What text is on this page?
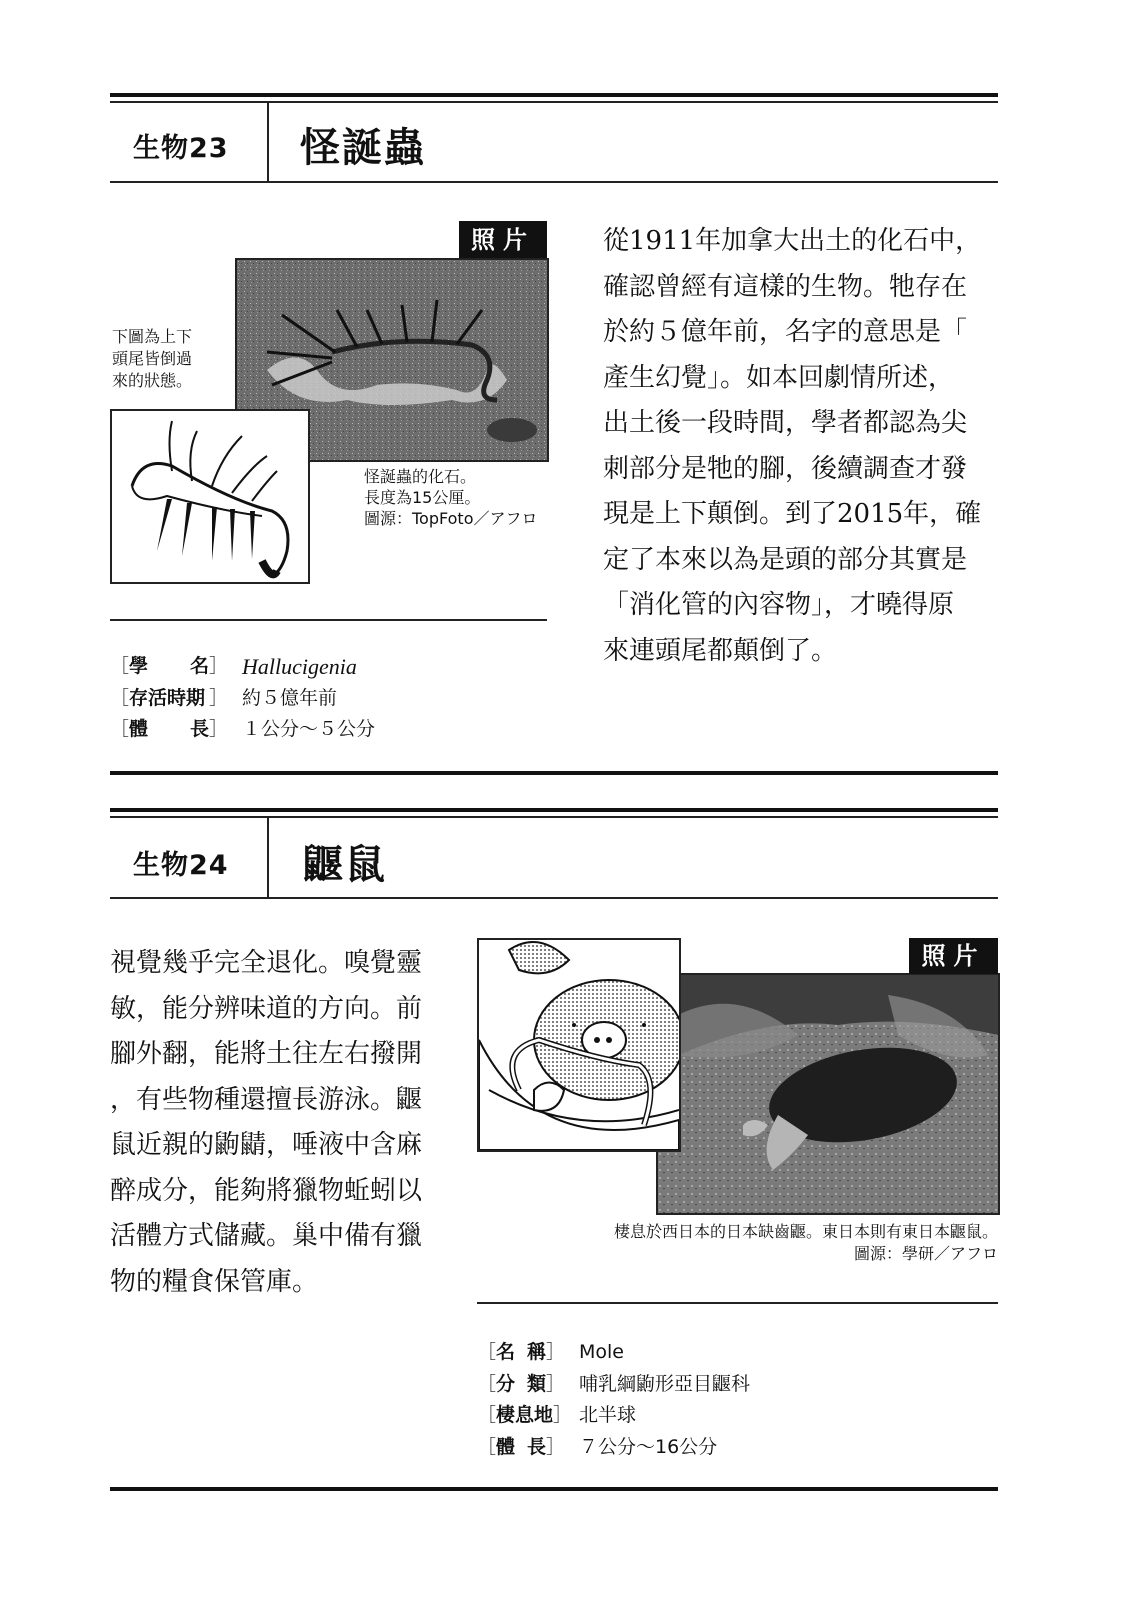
生物23 怪誕蟲
照片
下圖為上下
頭尾皆倒過
來的狀態。
怪誕蟲的化石。
長度為15公厘。
圖源：TopFoto／アフロ
［ 學	名 ］ Hallucigenia
［ 存活時期 ］ 約５億年前
［ 體	長 ］ １公分～５公分
從1911年加拿大出土的化石中，
確認曾經有這樣的生物。牠存在
於約５億年前，名字的意思是「
產生幻覺」。如本回劇情所述，
出土後一段時間，學者都認為尖
刺部分是牠的腳，後續調查才發
現是上下顛倒。到了2015年，確
定了本來以為是頭的部分其實是
「消化管的內容物」，才曉得原
來連頭尾都顛倒了。
生物24 鼴鼠
視覺幾乎完全退化。嗅覺靈
敏，能分辨味道的方向。前
腳外翻，能將土往左右撥開
，有些物種還擅長游泳。鼴
鼠近親的鼩鼱，唾液中含麻
醉成分，能夠將獵物蚯蚓以
活體方式儲藏。巢中備有獵
物的糧食保管庫。
照片
棲息於西日本的日本缺齒鼴。東日本則有東日本鼴鼠。
圖源：學研／アフロ
［ 名 稱 ］ Mole
［ 分 類 ］ 哺乳綱鼩形亞目鼴科
［ 棲息地 ］ 北半球
［ 體 長 ］ ７公分～16公分
